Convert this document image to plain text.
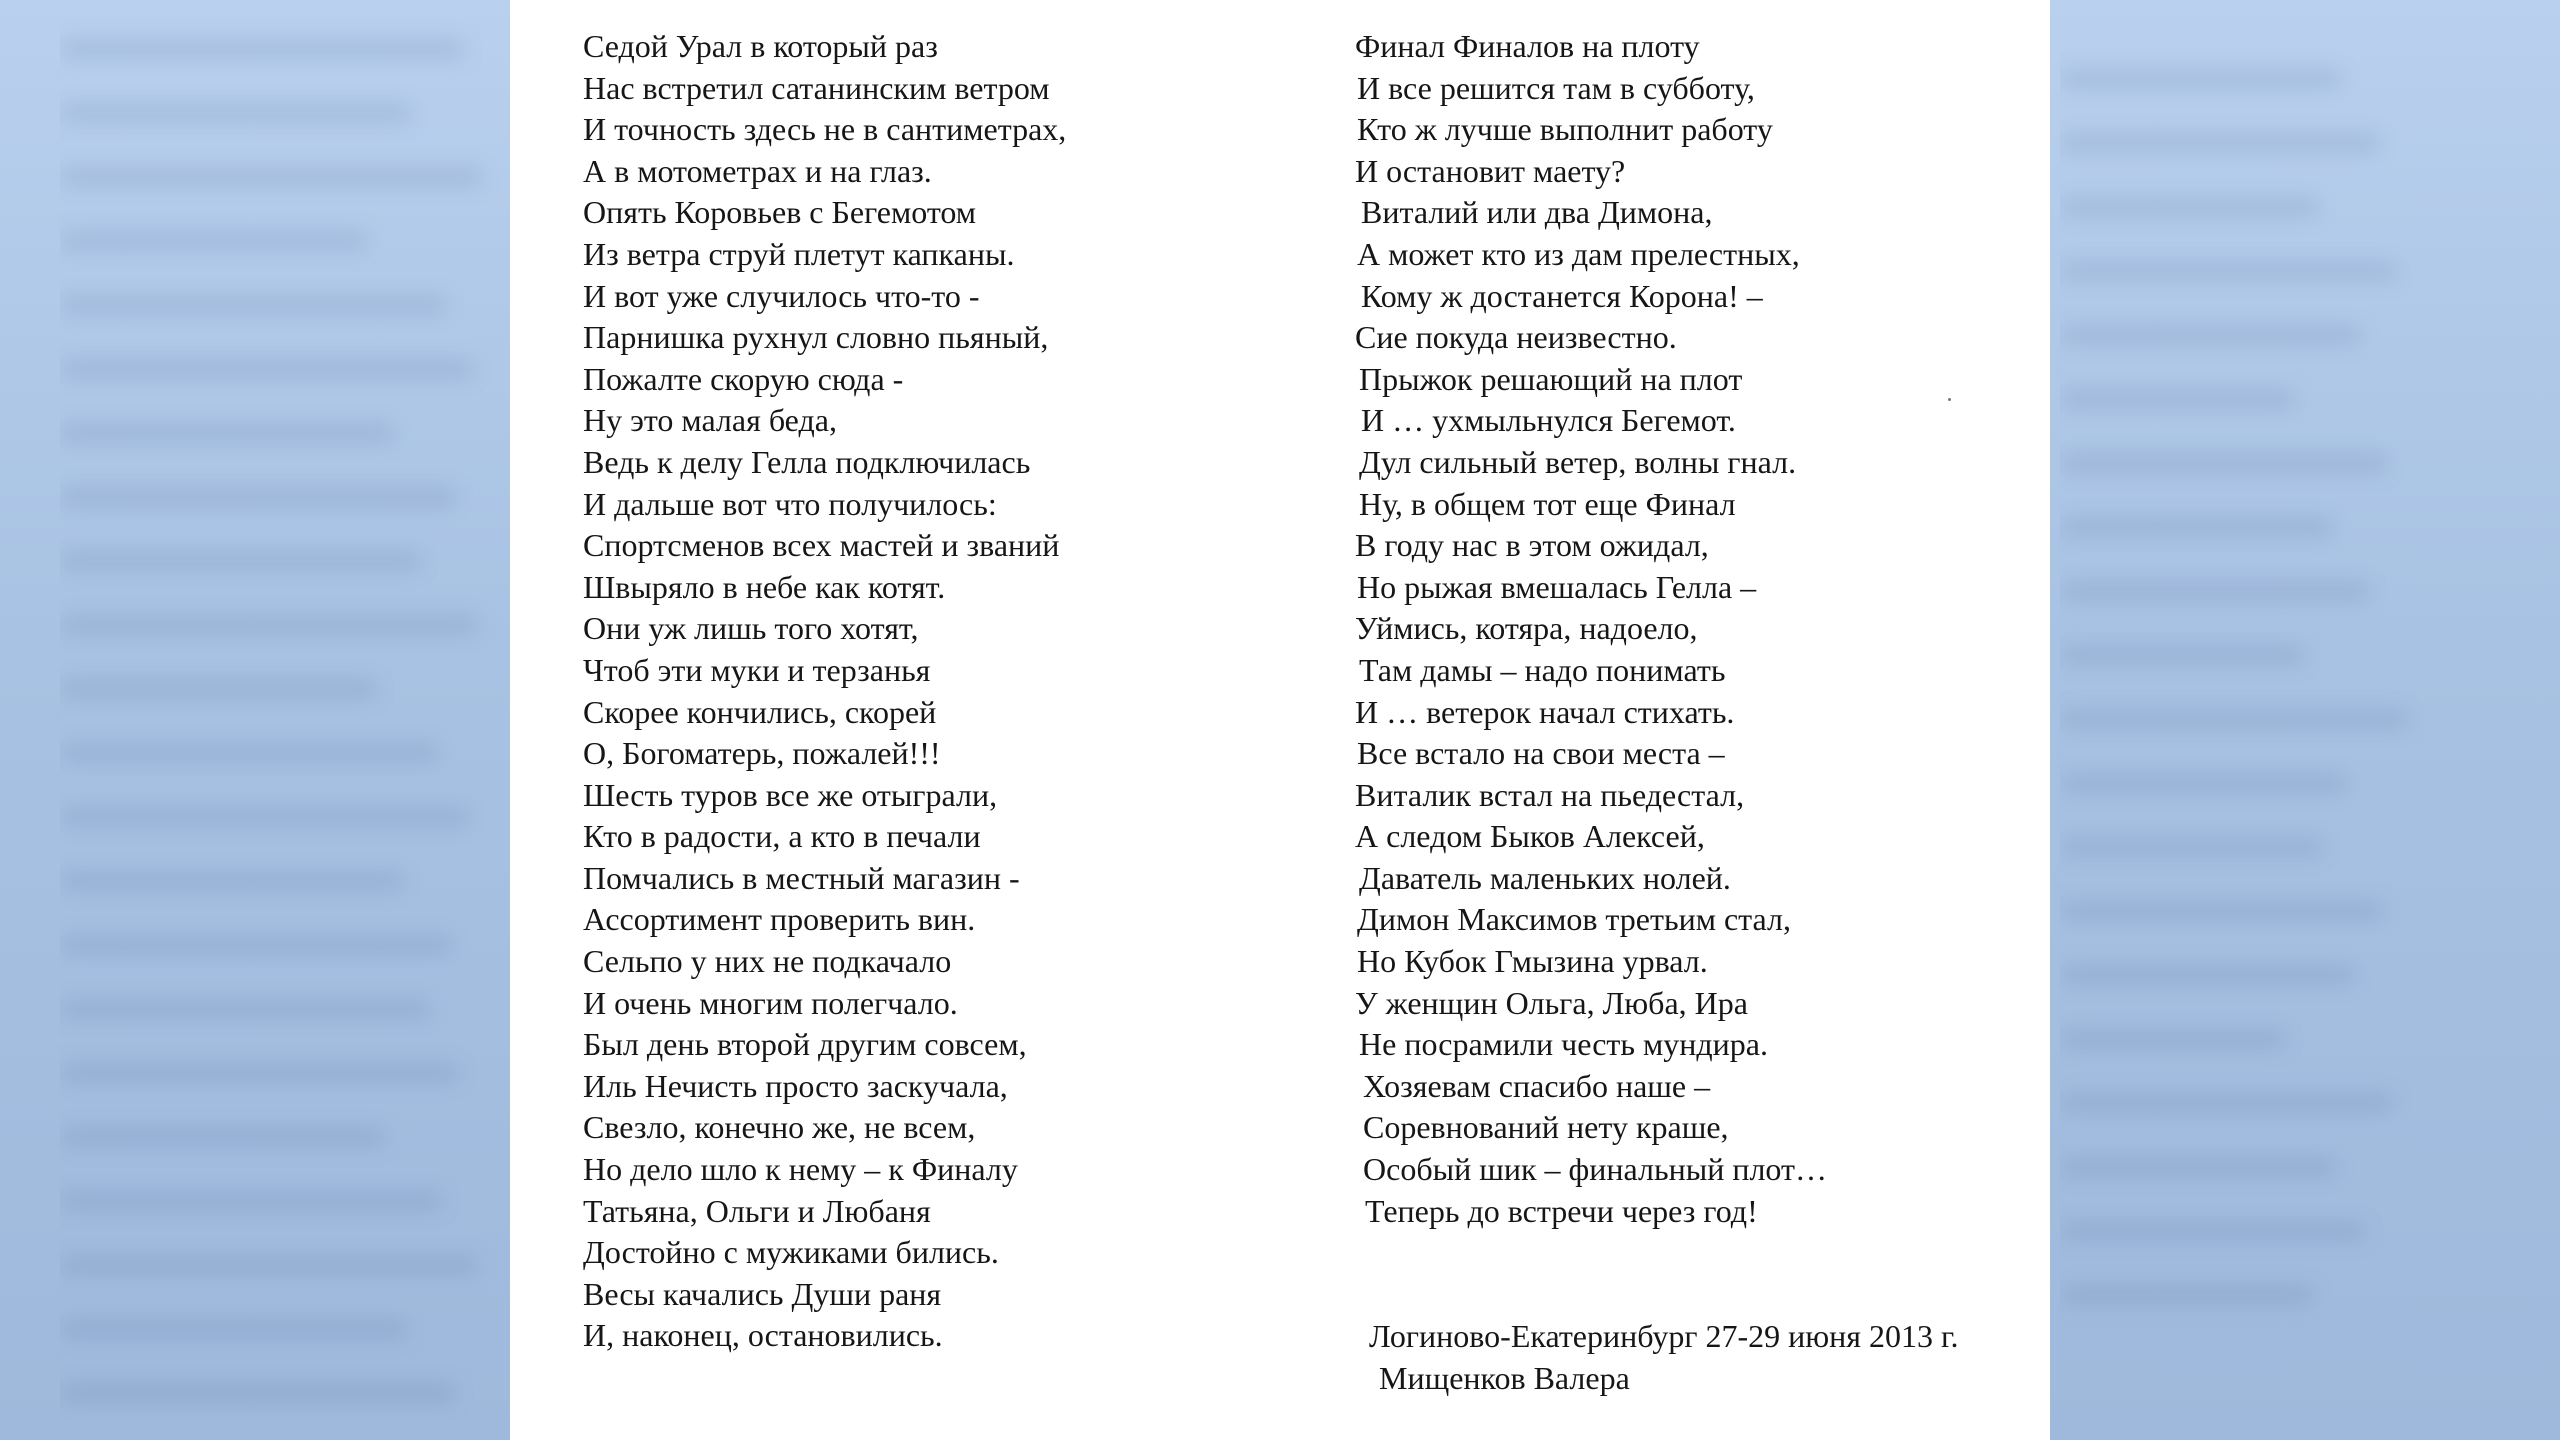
Седой Урал в который раз
Нас встретил сатанинским ветром
И точность здесь не в сантиметрах,
А в мотометрах и на глаз.
Опять Коровьев с Бегемотом
Из ветра струй плетут капканы.
И вот уже случилось что-то -
Парнишка рухнул словно пьяный,
Пожалте скорую сюда -
Ну это малая беда,
Ведь к делу Гелла подключилась
И дальше вот что получилось:
Спортсменов всех мастей и званий
Швыряло в небе как котят.
Они уж лишь того хотят,
Чтоб эти муки и терзанья
Скорее кончились, скорей
О, Богоматерь, пожалей!!!
Шесть туров все же отыграли,
Кто в радости, а кто в печали
Помчались в местный магазин -
Ассортимент проверить вин.
Сельпо у них не подкачало
И очень многим полегчало.
Был день второй другим совсем,
Иль Нечисть просто заскучала,
Свезло, конечно же, не всем,
Но дело шло к нему – к Финалу
Татьяна, Ольги и Любаня
Достойно с мужиками бились.
Весы качались Души раня
И, наконец, остановились.
Финал Финалов на плоту
И все решится там в субботу,
Кто ж лучше выполнит работу
И остановит маету?
Виталий или два Димона,
А может кто из дам прелестных,
Кому ж достанется Корона! –
Сие покуда неизвестно.
Прыжок решающий на плот
И … ухмыльнулся Бегемот.
Дул сильный ветер, волны гнал.
Ну, в общем тот еще Финал
В году нас в этом ожидал,
Но рыжая вмешалась Гелла –
Уймись, котяра, надоело,
Там дамы – надо понимать
И … ветерок начал стихать.
Все встало на свои места –
Виталик встал на пьедестал,
А следом Быков Алексей,
Даватель маленьких нолей.
Димон Максимов третьим стал,
Но Кубок Гмызина урвал.
У женщин Ольга, Люба, Ира
Не посрамили честь мундира.
Хозяевам спасибо наше –
Соревнований нету краше,
Особый шик – финальный плот…
Теперь до встречи через год!
Логиново-Екатеринбург 27-29 июня 2013 г.
Мищенков Валера
